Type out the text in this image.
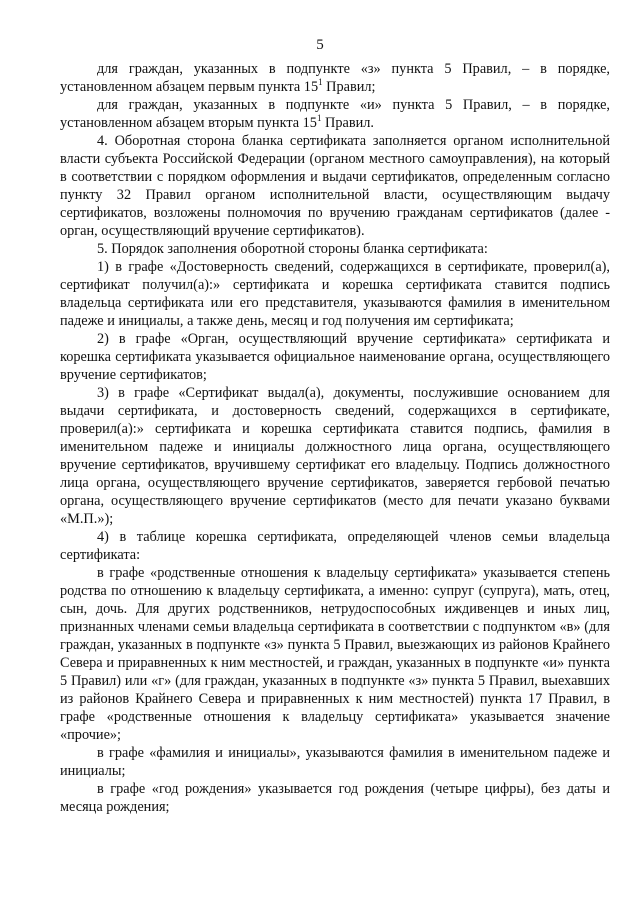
5

для граждан, указанных в подпункте «з» пункта 5 Правил, – в порядке, установленном абзацем первым пункта $15^1$ Правил;

для граждан, указанных в подпункте «и» пункта 5 Правил, – в порядке, установленном абзацем вторым пункта $15^1$ Правил.

4. Оборотная сторона бланка сертификата заполняется органом исполнительной власти субъекта Российской Федерации (органом местного самоуправления), на который в соответствии с порядком оформления и выдачи сертификатов, определенным согласно пункту 32 Правил органом исполнительной власти, осуществляющим выдачу сертификатов, возложены полномочия по вручению гражданам сертификатов (далее - орган, осуществляющий вручение сертификатов).

5. Порядок заполнения оборотной стороны бланка сертификата:

1) в графе «Достоверность сведений, содержащихся в сертификате, проверил(а), сертификат получил(а):» сертификата и корешка сертификата ставится подпись владельца сертификата или его представителя, указываются фамилия в именительном падеже и инициалы, а также день, месяц и год получения им сертификата;

2) в графе «Орган, осуществляющий вручение сертификата» сертификата и корешка сертификата указывается официальное наименование органа, осуществляющего вручение сертификатов;

3) в графе «Сертификат выдал(а), документы, послужившие основанием для выдачи сертификата, и достоверность сведений, содержащихся в сертификате, проверил(а):» сертификата и корешка сертификата ставится подпись, фамилия в именительном падеже и инициалы должностного лица органа, осуществляющего вручение сертификатов, вручившему сертификат его владельцу. Подпись должностного лица органа, осуществляющего вручение сертификатов, заверяется гербовой печатью органа, осуществляющего вручение сертификатов (место для печати указано буквами «М.П.»);

4) в таблице корешка сертификата, определяющей членов семьи владельца сертификата:

в графе «родственные отношения к владельцу сертификата» указывается степень родства по отношению к владельцу сертификата, а именно: супруг (супруга), мать, отец, сын, дочь. Для других родственников, нетрудоспособных иждивенцев и иных лиц, признанных членами семьи владельца сертификата в соответствии с подпунктом «в» (для граждан, указанных в подпункте «з» пункта 5 Правил, выезжающих из районов Крайнего Севера и приравненных к ним местностей, и граждан, указанных в подпункте «и» пункта 5 Правил) или «г» (для граждан, указанных в подпункте «з» пункта 5 Правил, выехавших из районов Крайнего Севера и приравненных к ним местностей) пункта 17 Правил, в графе «родственные отношения к владельцу сертификата» указывается значение «прочие»;

в графе «фамилия и инициалы», указываются фамилия в именительном падеже и инициалы;

в графе «год рождения» указывается год рождения (четыре цифры), без даты и месяца рождения;
